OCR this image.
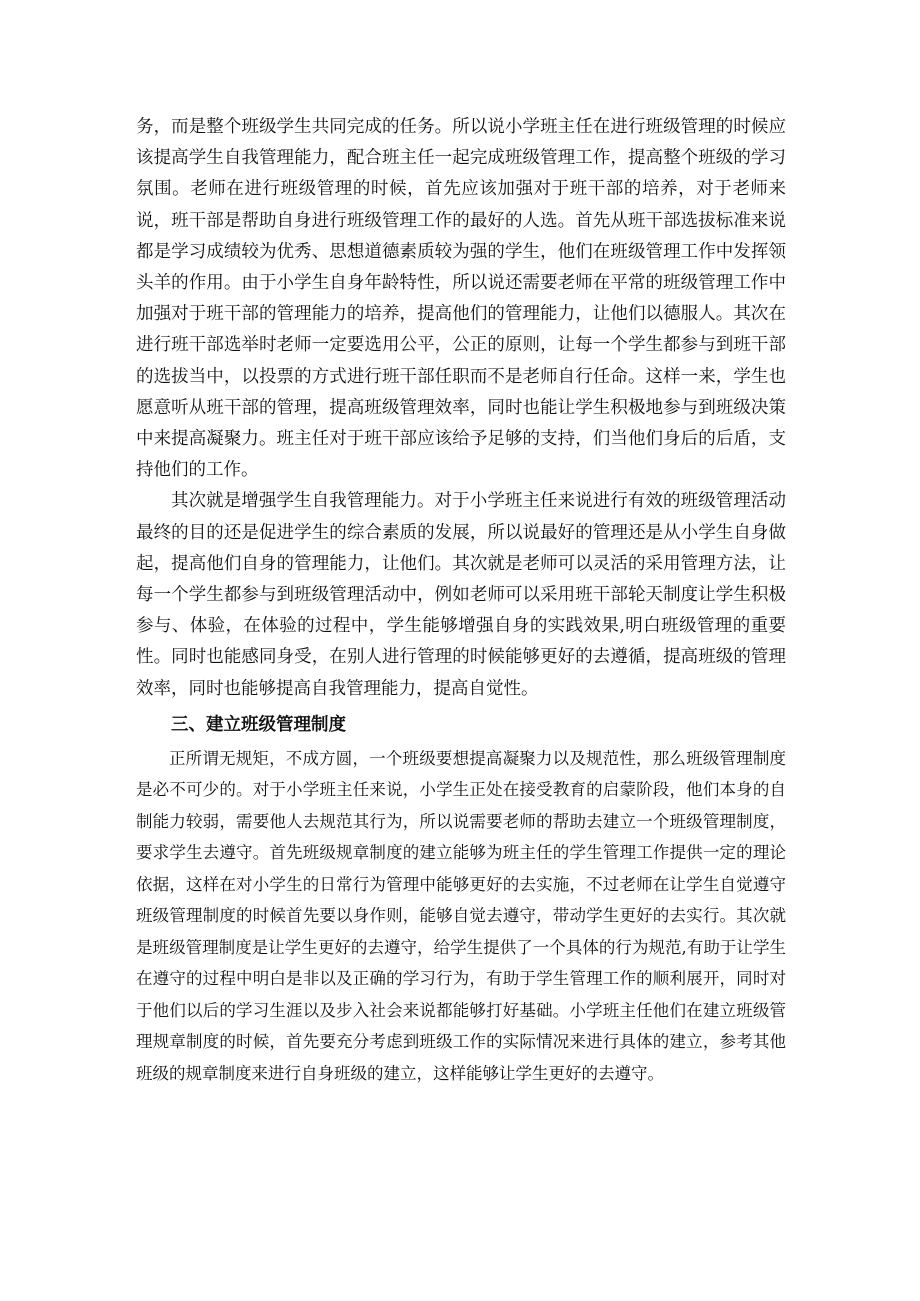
务，而是整个班级学生共同完成的任务。所以说小学班主任在进行班级管理的时候应该提高学生自我管理能力，配合班主任一起完成班级管理工作，提高整个班级的学习氛围。老师在进行班级管理的时候，首先应该加强对于班干部的培养，对于老师来说，班干部是帮助自身进行班级管理工作的最好的人选。首先从班干部选拔标准来说都是学习成绩较为优秀、思想道德素质较为强的学生，他们在班级管理工作中发挥领头羊的作用。由于小学生自身年龄特性，所以说还需要老师在平常的班级管理工作中加强对于班干部的管理能力的培养，提高他们的管理能力，让他们以德服人。其次在进行班干部选举时老师一定要选用公平，公正的原则，让每一个学生都参与到班干部的选拔当中，以投票的方式进行班干部任职而不是老师自行任命。这样一来，学生也愿意听从班干部的管理，提高班级管理效率，同时也能让学生积极地参与到班级决策中来提高凝聚力。班主任对于班干部应该给予足够的支持，们当他们身后的后盾，支持他们的工作。

其次就是增强学生自我管理能力。对于小学班主任来说进行有效的班级管理活动最终的目的还是促进学生的综合素质的发展，所以说最好的管理还是从小学生自身做起，提高他们自身的管理能力，让他们。其次就是老师可以灵活的采用管理方法，让每一个学生都参与到班级管理活动中，例如老师可以采用班干部轮天制度让学生积极参与、体验，在体验的过程中，学生能够增强自身的实践效果,明白班级管理的重要性。同时也能感同身受，在别人进行管理的时候能够更好的去遵循，提高班级的管理效率，同时也能够提高自我管理能力，提高自觉性。

三、建立班级管理制度

正所谓无规矩，不成方圆，一个班级要想提高凝聚力以及规范性，那么班级管理制度是必不可少的。对于小学班主任来说，小学生正处在接受教育的启蒙阶段，他们本身的自制能力较弱，需要他人去规范其行为，所以说需要老师的帮助去建立一个班级管理制度，要求学生去遵守。首先班级规章制度的建立能够为班主任的学生管理工作提供一定的理论依据，这样在对小学生的日常行为管理中能够更好的去实施，不过老师在让学生自觉遵守班级管理制度的时候首先要以身作则，能够自觉去遵守，带动学生更好的去实行。其次就是班级管理制度是让学生更好的去遵守，给学生提供了一个具体的行为规范,有助于让学生在遵守的过程中明白是非以及正确的学习行为，有助于学生管理工作的顺利展开，同时对于他们以后的学习生涯以及步入社会来说都能够打好基础。小学班主任他们在建立班级管理规章制度的时候，首先要充分考虑到班级工作的实际情况来进行具体的建立，参考其他班级的规章制度来进行自身班级的建立，这样能够让学生更好的去遵守。
